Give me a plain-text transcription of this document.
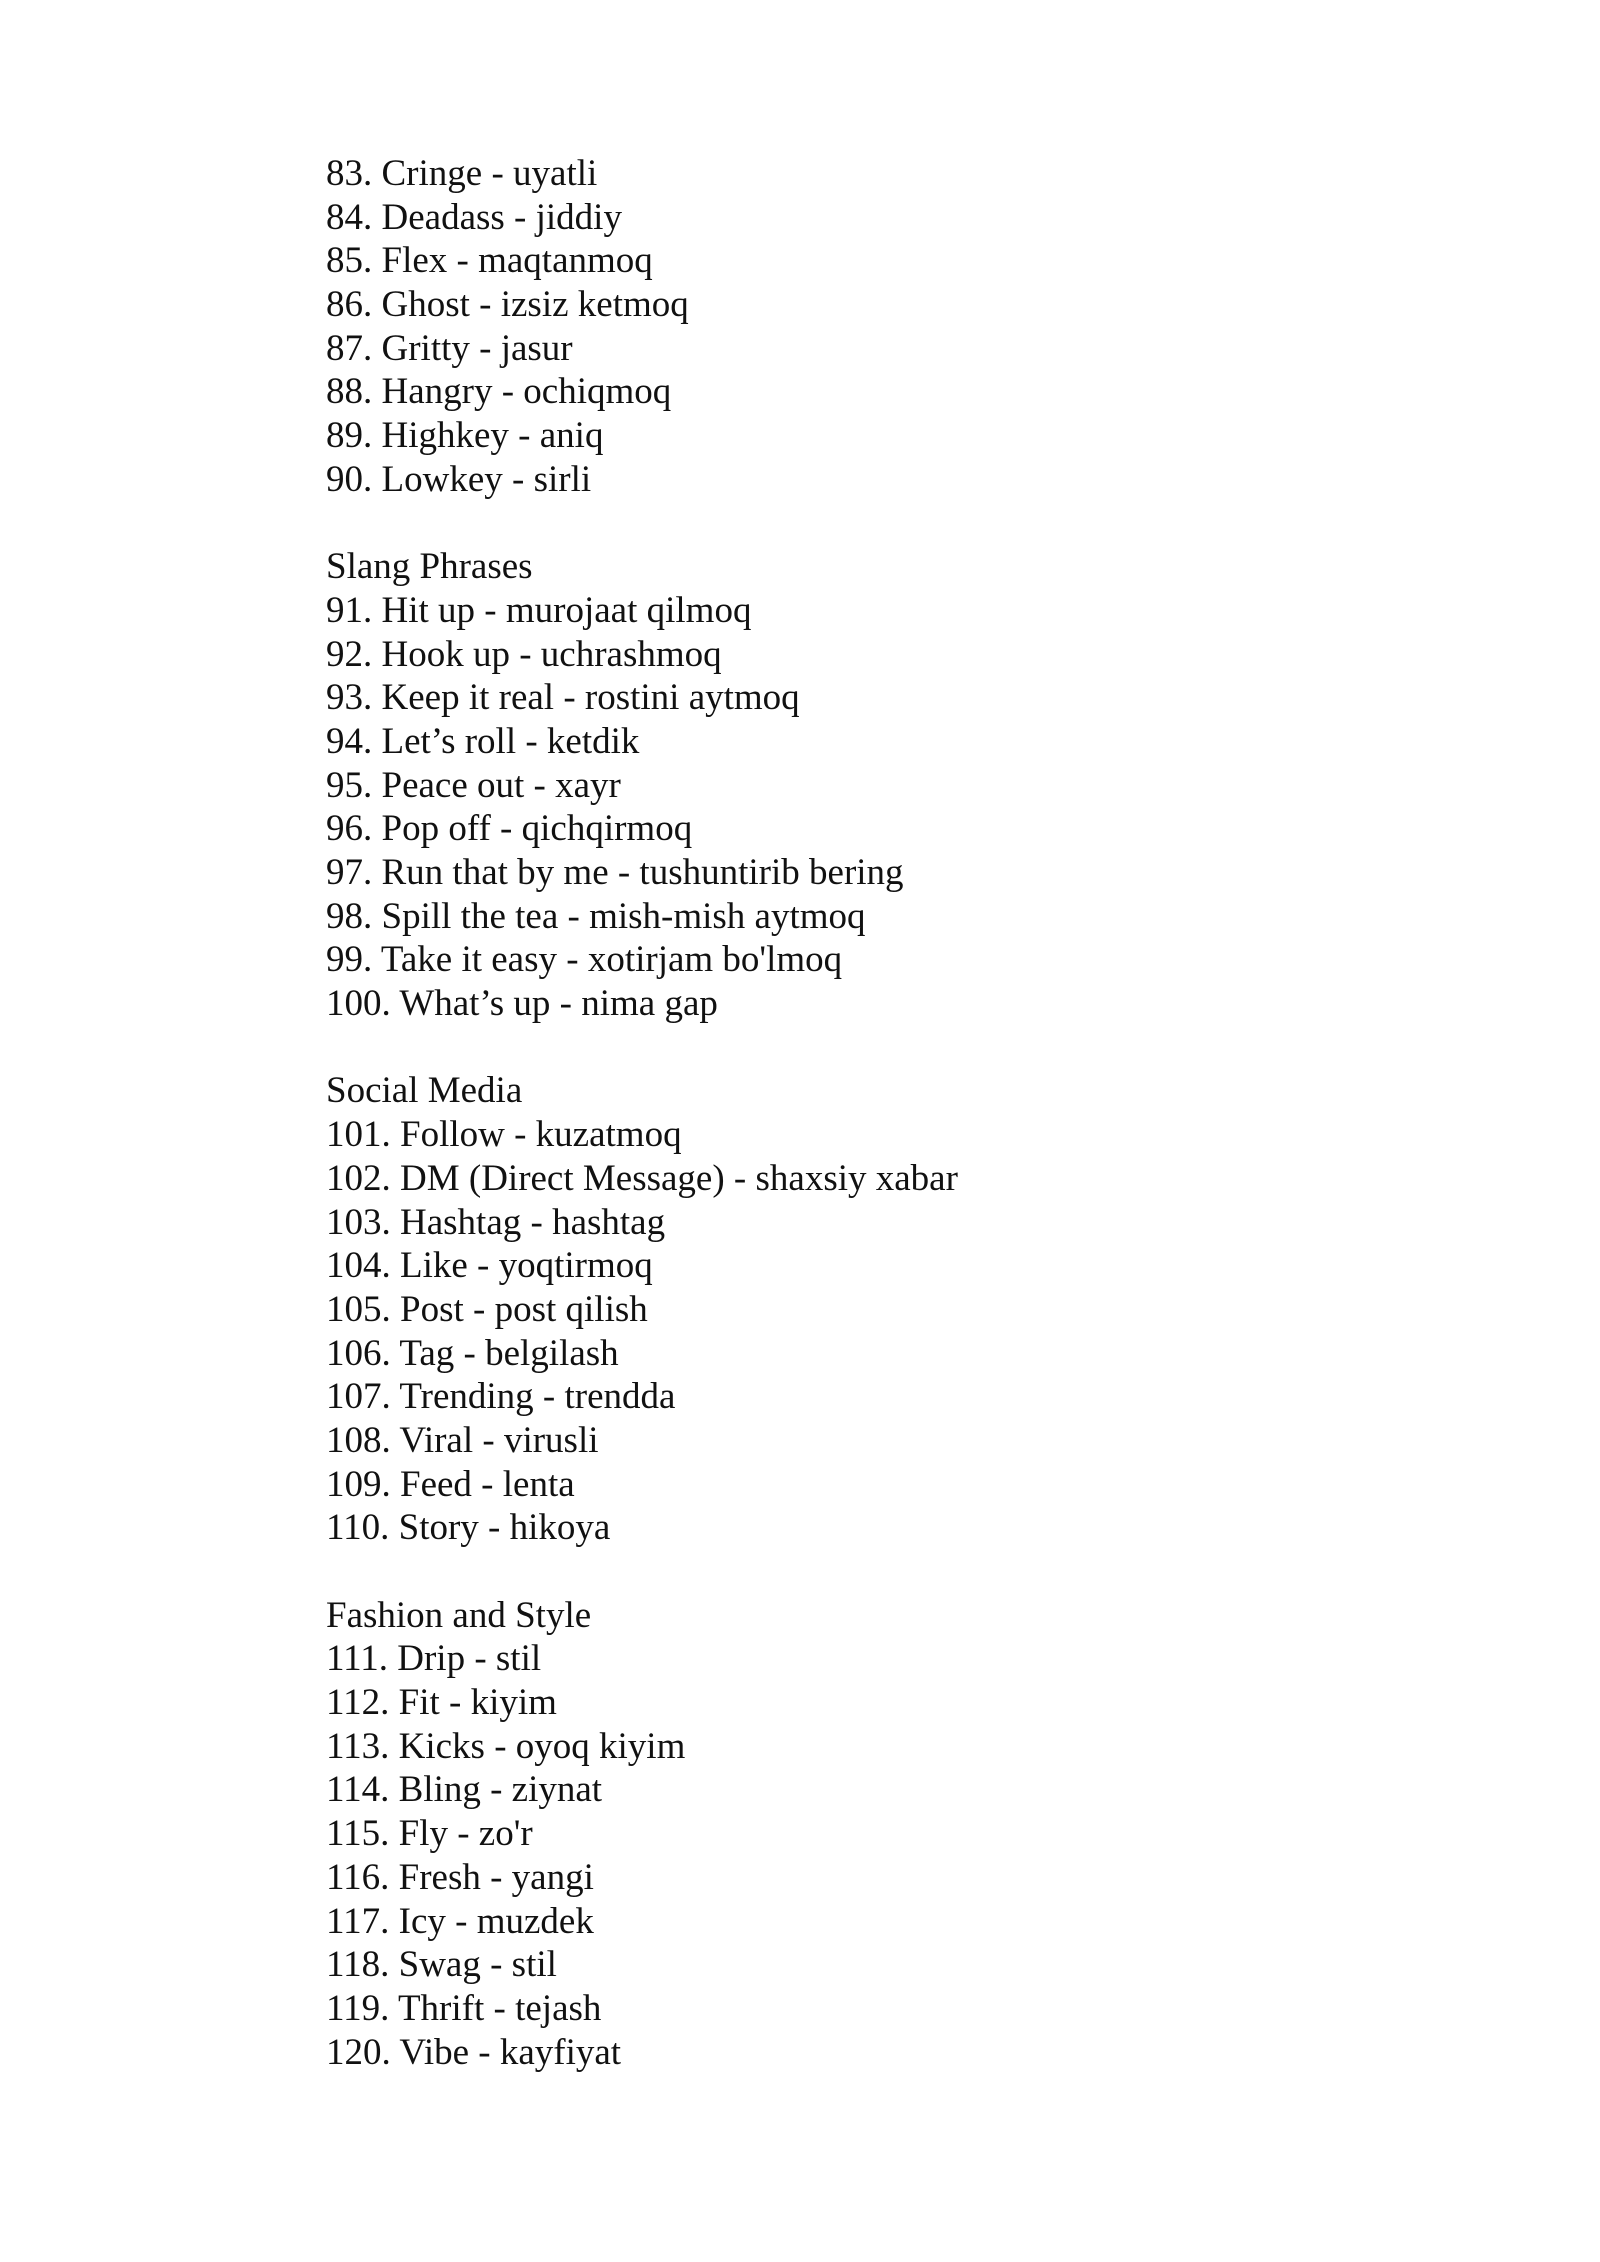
83. Cringe - uyatli
84. Deadass - jiddiy
85. Flex - maqtanmoq
86. Ghost - izsiz ketmoq
87. Gritty - jasur
88. Hangry - ochiqmoq
89. Highkey - aniq
90. Lowkey - sirli
Slang Phrases
91. Hit up - murojaat qilmoq
92. Hook up - uchrashmoq
93. Keep it real - rostini aytmoq
94. Let’s roll - ketdik
95. Peace out - xayr
96. Pop off - qichqirmoq
97. Run that by me - tushuntirib bering
98. Spill the tea - mish-mish aytmoq
99. Take it easy - xotirjam bo'lmoq
100. What’s up - nima gap
Social Media
101. Follow - kuzatmoq
102. DM (Direct Message) - shaxsiy xabar
103. Hashtag - hashtag
104. Like - yoqtirmoq
105. Post - post qilish
106. Tag - belgilash
107. Trending - trendda
108. Viral - virusli
109. Feed - lenta
110. Story - hikoya
Fashion and Style
111. Drip - stil
112. Fit - kiyim
113. Kicks - oyoq kiyim
114. Bling - ziynat
115. Fly - zo'r
116. Fresh - yangi
117. Icy - muzdek
118. Swag - stil
119. Thrift - tejash
120. Vibe - kayfiyat
